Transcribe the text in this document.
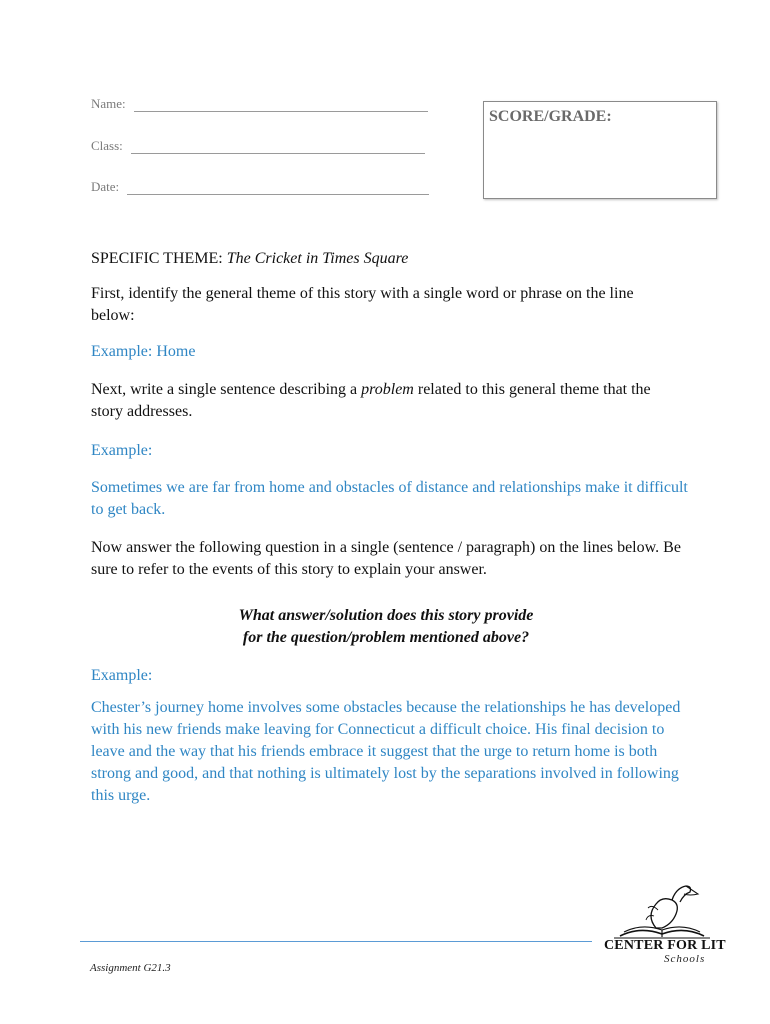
Name:
Class:
Date:
SCORE/GRADE:
SPECIFIC THEME: The Cricket in Times Square
First, identify the general theme of this story with a single word or phrase on the line below:
Example: Home
Next, write a single sentence describing a problem related to this general theme that the story addresses.
Example:
Sometimes we are far from home and obstacles of distance and relationships make it difficult to get back.
Now answer the following question in a single (sentence / paragraph) on the lines below. Be sure to refer to the events of this story to explain your answer.
What answer/solution does this story provide
for the question/problem mentioned above?
Example:
Chester’s journey home involves some obstacles because the relationships he has developed with his new friends make leaving for Connecticut a difficult choice. His final decision to leave and the way that his friends embrace it suggest that the urge to return home is both strong and good, and that nothing is ultimately lost by the separations involved in following this urge.
Assignment G21.3
CENTER FOR LIT
Schools
